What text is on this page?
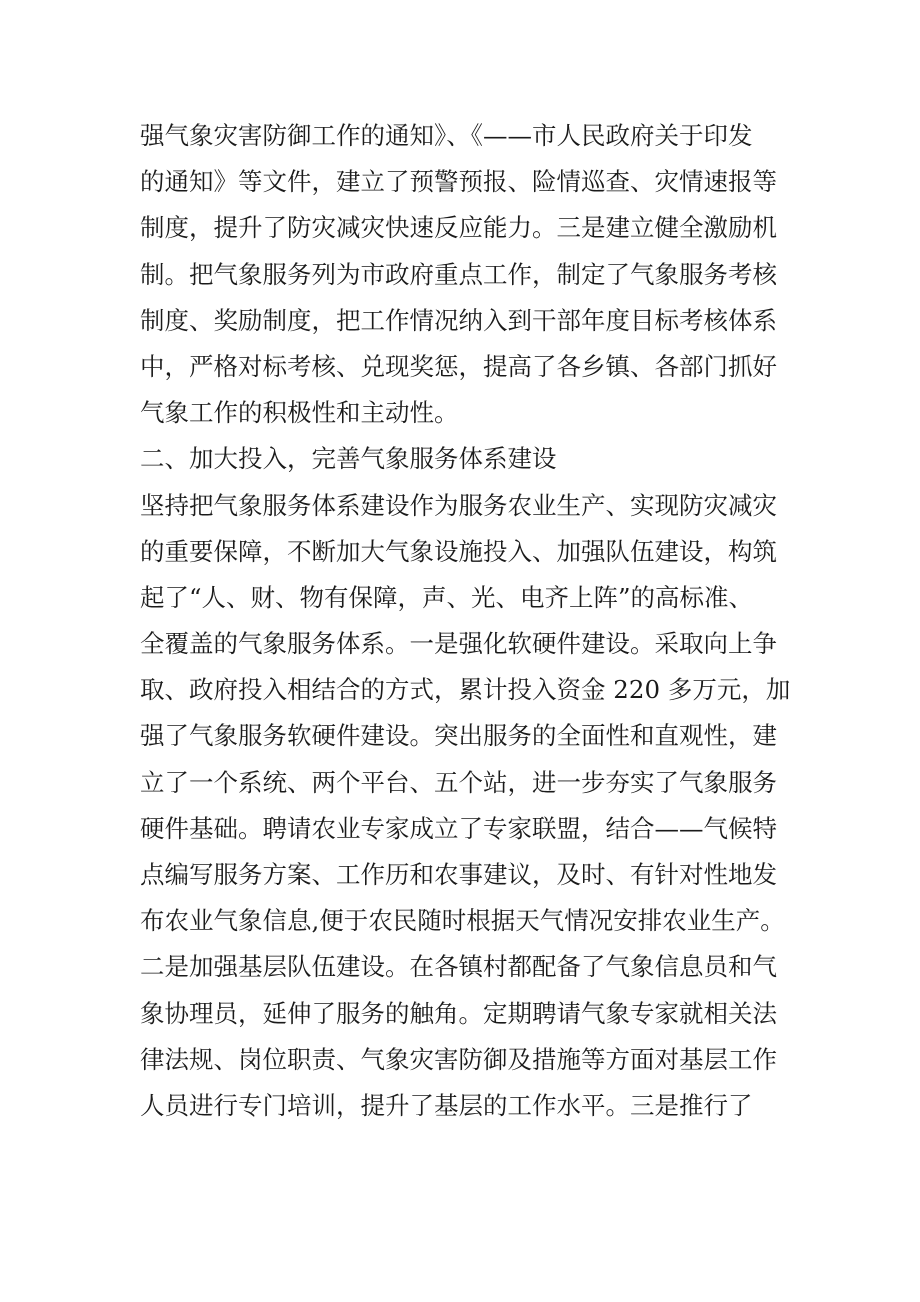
强气象灾害防御工作的通知》、《——市人民政府关于印发
的通知》等文件，建立了预警预报、险情巡查、灾情速报等
制度，提升了防灾减灾快速反应能力。三是建立健全激励机
制。把气象服务列为市政府重点工作，制定了气象服务考核
制度、奖励制度，把工作情况纳入到干部年度目标考核体系
中，严格对标考核、兑现奖惩，提高了各乡镇、各部门抓好
气象工作的积极性和主动性。
二、加大投入，完善气象服务体系建设
坚持把气象服务体系建设作为服务农业生产、实现防灾减灾
的重要保障，不断加大气象设施投入、加强队伍建设，构筑
起了“人、财、物有保障，声、光、电齐上阵”的高标准、
全覆盖的气象服务体系。一是强化软硬件建设。采取向上争
取、政府投入相结合的方式，累计投入资金 220 多万元，加
强了气象服务软硬件建设。突出服务的全面性和直观性，建
立了一个系统、两个平台、五个站，进一步夯实了气象服务
硬件基础。聘请农业专家成立了专家联盟，结合——气候特
点编写服务方案、工作历和农事建议，及时、有针对性地发
布农业气象信息,便于农民随时根据天气情况安排农业生产。
二是加强基层队伍建设。在各镇村都配备了气象信息员和气
象协理员，延伸了服务的触角。定期聘请气象专家就相关法
律法规、岗位职责、气象灾害防御及措施等方面对基层工作
人员进行专门培训，提升了基层的工作水平。三是推行了
